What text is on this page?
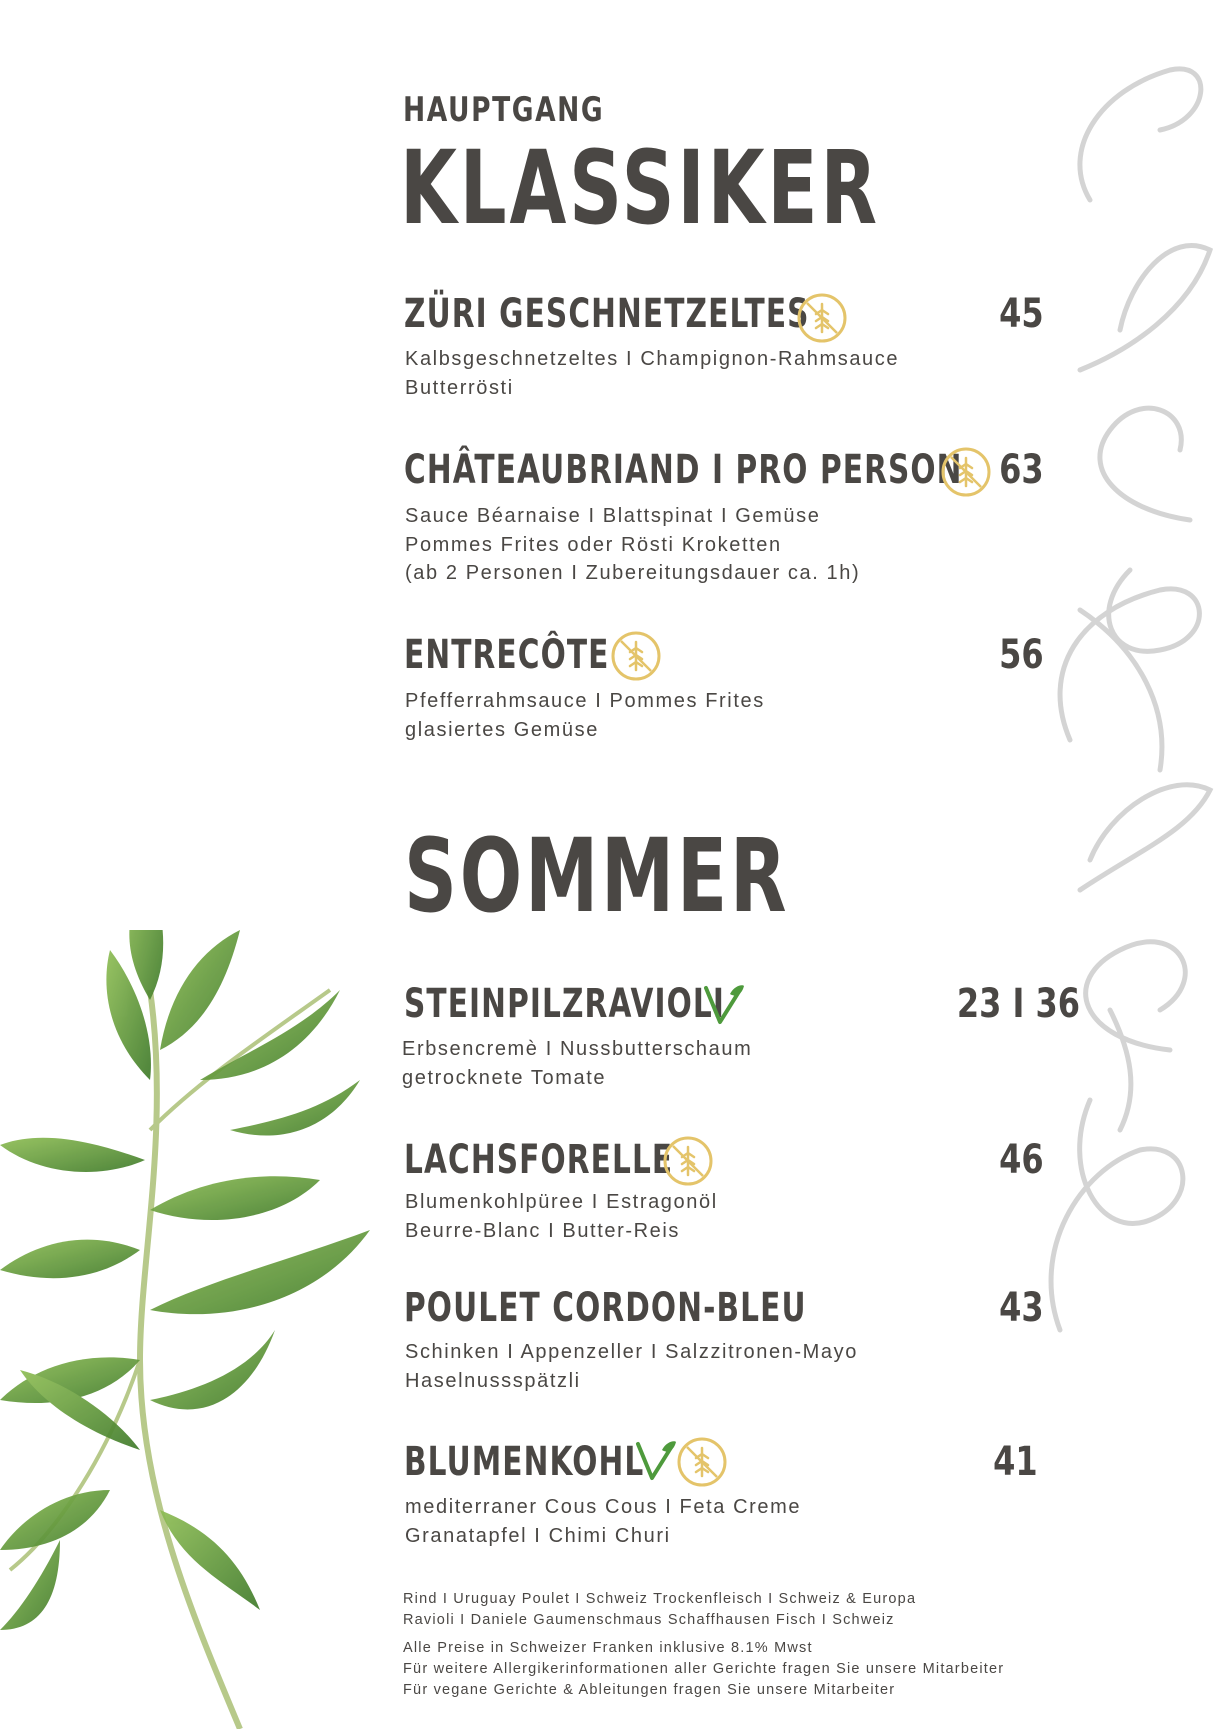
HAUPTGANG
KLASSIKER
ZÜRI GESCHNETZELTES	45
Kalbsgeschnetzeltes I Champignon-Rahmsauce
Butterrösti
CHÂTEAUBRIAND I PRO PERSON 63
Sauce Béarnaise I Blattspinat I Gemüse
Pommes Frites oder Rösti Kroketten
(ab 2 Personen I Zubereitungsdauer ca. 1h)
ENTRECÔTE	56
Pfefferrahmsauce I Pommes Frites
glasiertes Gemüse
SOMMER
STEINPILZRAVIOLI	23 I 36
Erbsencremè I Nussbutterschaum
getrocknete Tomate
LACHSFORELLE	46
Blumenkohlpüree I Estragonöl
Beurre-Blanc I Butter-Reis
POULET CORDON-BLEU	43
Schinken I Appenzeller I Salzzitronen-Mayo
Haselnussspätzli
BLUMENKOHL	41
mediterraner Cous Cous I Feta Creme
Granatapfel I Chimi Churi
Rind I Uruguay Poulet I Schweiz Trockenfleisch I Schweiz & Europa
Ravioli I Daniele Gaumenschmaus Schaffhausen Fisch I Schweiz
Alle Preise in Schweizer Franken inklusive 8.1% Mwst
Für weitere Allergikerinformationen aller Gerichte fragen Sie unsere Mitarbeiter
Für vegane Gerichte & Ableitungen fragen Sie unsere Mitarbeiter
